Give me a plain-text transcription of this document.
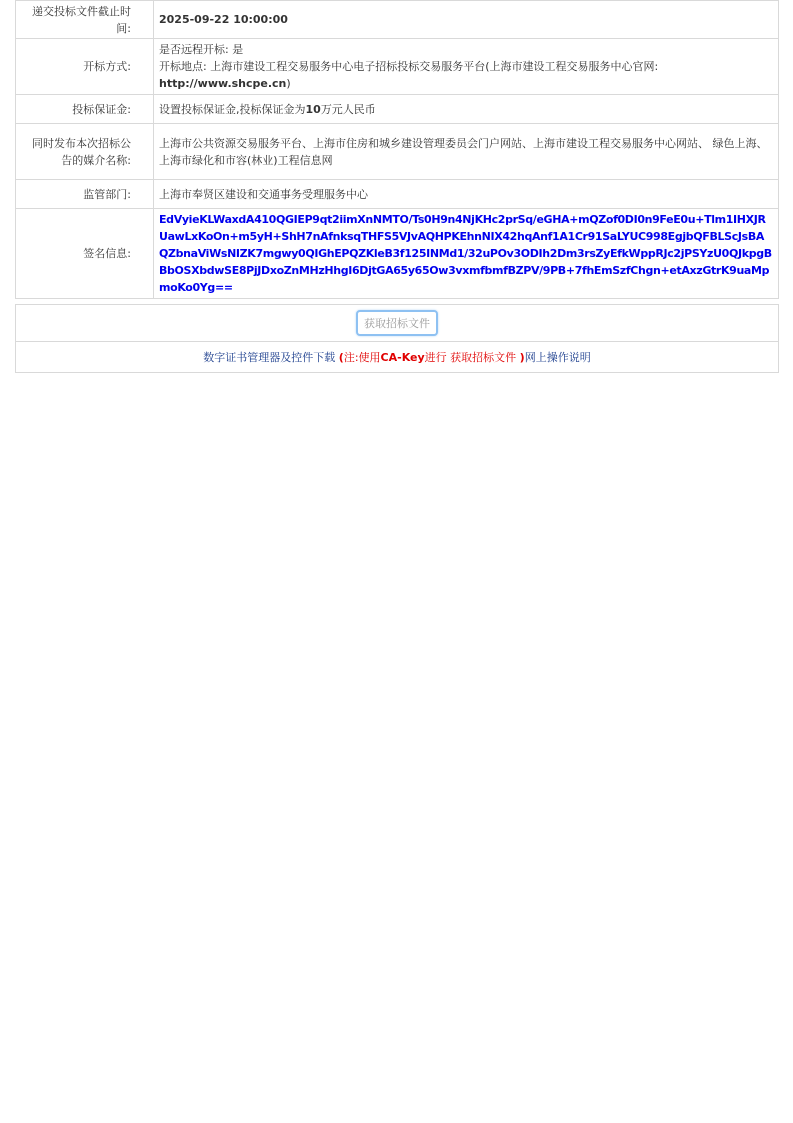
递交投标文件截止时间:	2025-09-22 10:00:00
开标方式:	是否远程开标: 是
开标地点: 上海市建设工程交易服务中心电子招标投标交易服务平台(上海市建设工程交易服务中心官网:
http://www.shcpe.cn)

投标保证金:	设置投标保证金,投标保证金为10万元人民币
同时发布本次招标公告的媒介名称:	上海市公共资源交易服务平台、上海市住房和城乡建设管理委员会门户网站、上海市建设工程交易服务中心网站、 绿色上海、上海市绿化和市容(林业)工程信息网
监管部门:	上海市奉贤区建设和交通事务受理服务中心
签名信息:	EdVyieKLWaxdA410QGIEP9qt2iimXnNMTO/Ts0H9n4NjKHc2prSq/eGHA+mQZof0DI0n9FeE0u+Tlm1IHXJRUawLxKoOn+m5yH+ShH7nAfnksqTHFS5VJvAQHPKEhnNIX42hqAnf1A1Cr91SaLYUC998EgjbQFBLScJsBAQZbnaViWsNIZK7mgwy0QIGhEPQZKleB3f125INMd1/32uPOv3ODIh2Dm3rsZyEfkWppRJc2jPSYzU0QJkpgBBbOSXbdwSE8PjJDxoZnMHzHhgI6DjtGA65y65Ow3vxmfbmfBZPV/9PB+7fhEmSzfChgn+etAxzGtrK9uaMpmoKo0Yg==
获取招标文件
数字证书管理器及控件下载 (注:使用CA-Key进行 获取招标文件 )网上操作说明
